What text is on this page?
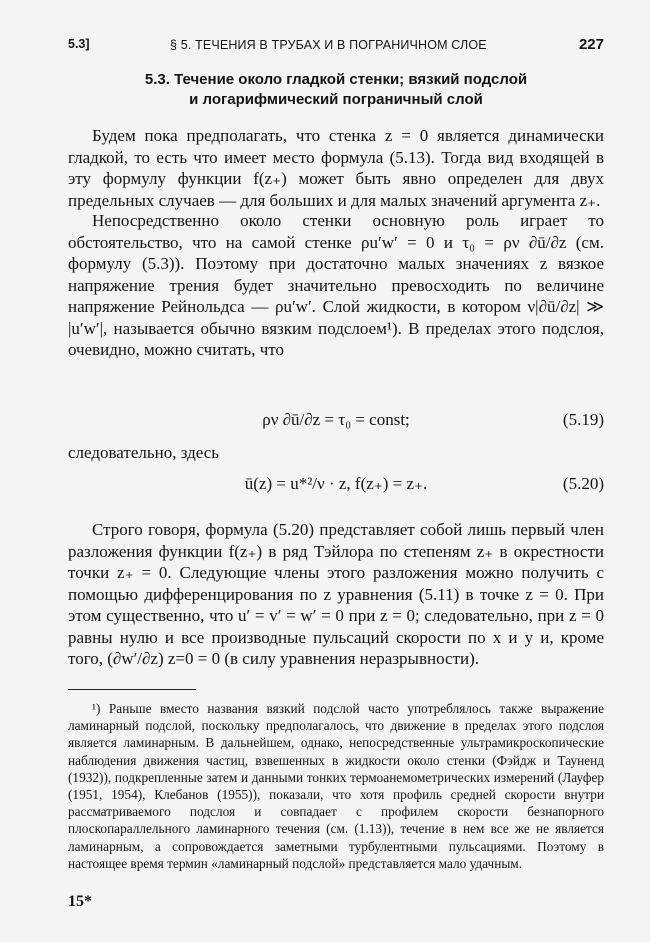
5.3]	§ 5. ТЕЧЕНИЯ В ТРУБАХ И В ПОГРАНИЧНОМ СЛОЕ	227
5.3. Течение около гладкой стенки; вязкий подслой
и логарифмический пограничный слой
Будем пока предполагать, что стенка z = 0 является динамически гладкой, то есть что имеет место формула (5.13). Тогда вид входящей в эту формулу функции f(z₊) может быть явно определен для двух предельных случаев — для больших и для малых значений аргумента z₊.
Непосредственно около стенки основную роль играет то обстоятельство, что на самой стенке ρu′w′ = 0 и τ₀ = ρν ∂ū/∂z (см. формулу (5.3)). Поэтому при достаточно малых значениях z вязкое напряжение трения будет значительно превосходить по величине напряжение Рейнольдса — ρu′w′. Слой жидкости, в котором ν|∂ū/∂z| ≫ |u′w′|, называется обычно вязким подслоем¹). В пределах этого подслоя, очевидно, можно считать, что
ρν ∂ū/∂z = τ₀ = const;	(5.19)
следовательно, здесь
ū(z) = u*²/ν · z, f(z₊) = z₊.	(5.20)
Строго говоря, формула (5.20) представляет собой лишь первый член разложения функции f(z₊) в ряд Тэйлора по степеням z₊ в окрестности точки z₊ = 0. Следующие члены этого разложения можно получить с помощью дифференцирования по z уравнения (5.11) в точке z = 0. При этом существенно, что u′ = v′ = w′ = 0 при z = 0; следовательно, при z = 0 равны нулю и все производные пульсаций скорости по x и y и, кроме того, (∂w′/∂z) z=0 = 0 (в силу уравнения неразрывности).
¹) Раньше вместо названия вязкий подслой часто употреблялось также выражение ламинарный подслой, поскольку предполагалось, что движение в пределах этого подслоя является ламинарным. В дальнейшем, однако, непосредственные ультрамикроскопические наблюдения движения частиц, взвешенных в жидкости около стенки (Фэйдж и Тауненд (1932)), подкрепленные затем и данными тонких термоанемометрических измерений (Лауфер (1951, 1954), Клебанов (1955)), показали, что хотя профиль средней скорости внутри рассматриваемого подслоя и совпадает с профилем скорости безнапорного плоскопараллельного ламинарного течения (см. (1.13)), течение в нем все же не является ламинарным, а сопровождается заметными турбулентными пульсациями. Поэтому в настоящее время термин «ламинарный подслой» представляется мало удачным.
15*
